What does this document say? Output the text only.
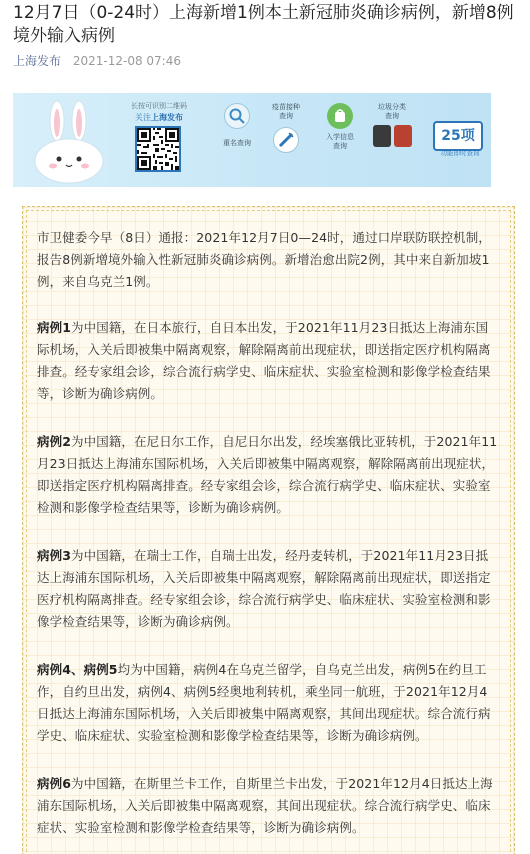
12月7日（0-24时）上海新增1例本土新冠肺炎确诊病例，新增8例境外输入病例
上海发布 2021-12-08 07:46
长按可识别二维码
关注上海发布
重名查询
疫苗接种
查询
入学信息
查询
垃圾分类
查询
25项
功能即时查询

市卫健委今早（8日）通报：2021年12月7日0—24时，通过口岸联防联控机制，报告8例新增境外输入性新冠肺炎确诊病例。新增治愈出院2例，其中来自新加坡1例，来自乌克兰1例。

病例1为中国籍，在日本旅行，自日本出发，于2021年11月23日抵达上海浦东国际机场，入关后即被集中隔离观察，解除隔离前出现症状，即送指定医疗机构隔离排查。经专家组会诊，综合流行病学史、临床症状、实验室检测和影像学检查结果等，诊断为确诊病例。

病例2为中国籍，在尼日尔工作，自尼日尔出发，经埃塞俄比亚转机，于2021年11月23日抵达上海浦东国际机场，入关后即被集中隔离观察，解除隔离前出现症状，即送指定医疗机构隔离排查。经专家组会诊，综合流行病学史、临床症状、实验室检测和影像学检查结果等，诊断为确诊病例。

病例3为中国籍，在瑞士工作，自瑞士出发，经丹麦转机，于2021年11月23日抵达上海浦东国际机场，入关后即被集中隔离观察，解除隔离前出现症状，即送指定医疗机构隔离排查。经专家组会诊，综合流行病学史、临床症状、实验室检测和影像学检查结果等，诊断为确诊病例。

病例4、病例5均为中国籍，病例4在乌克兰留学，自乌克兰出发，病例5在约旦工作，自约旦出发，病例4、病例5经奥地利转机，乘坐同一航班，于2021年12月4日抵达上海浦东国际机场，入关后即被集中隔离观察，其间出现症状。综合流行病学史、临床症状、实验室检测和影像学检查结果等，诊断为确诊病例。

病例6为中国籍，在斯里兰卡工作，自斯里兰卡出发，于2021年12月4日抵达上海浦东国际机场，入关后即被集中隔离观察，其间出现症状。综合流行病学史、临床症状、实验室检测和影像学检查结果等，诊断为确诊病例。
